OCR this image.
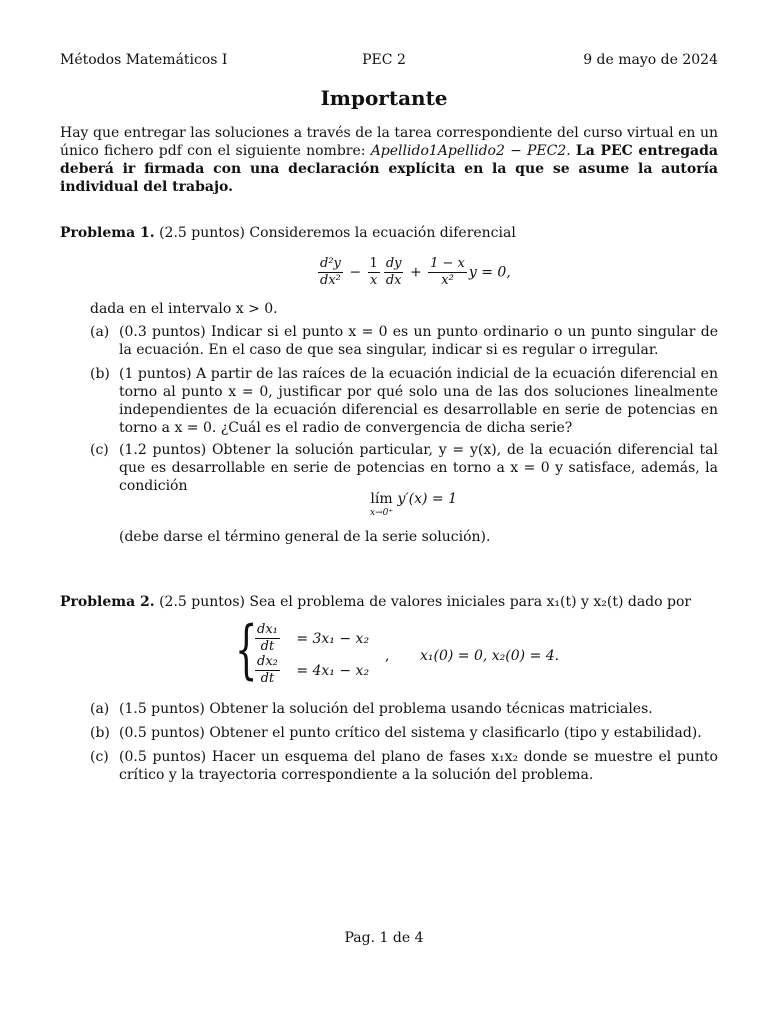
Métodos Matemáticos I	PEC 2	9 de mayo de 2024
Importante
Hay que entregar las soluciones a través de la tarea correspondiente del curso virtual en un único fichero pdf con el siguiente nombre: Apellido1Apellido2 − PEC2. La PEC entregada deberá ir firmada con una declaración explícita en la que se asume la autoría individual del trabajo.
Problema 1. (2.5 puntos) Consideremos la ecuación diferencial
$\frac{\text{d²y}}{\text{dx²}} - \frac{1}{x} \frac{dy}{dx} + \frac{1 - x}{\text{x²}}$ y = 0,
dada en el intervalo x > 0.
(a) (0.3 puntos) Indicar si el punto x = 0 es un punto ordinario o un punto singular de la ecuación. En el caso de que sea singular, indicar si es regular o irregular.
(b) (1 puntos) A partir de las raíces de la ecuación indicial de la ecuación diferencial en torno al punto x = 0, justificar por qué solo una de las dos soluciones linealmente independientes de la ecuación diferencial es desarrollable en serie de potencias en torno a x = 0. ¿Cuál es el radio de convergencia de dicha serie?
(c) (1.2 puntos) Obtener la solución particular, y = y(x), de la ecuación diferencial tal que es desarrollable en serie de potencias en torno a x = 0 y satisface, además, la condición
lím
x→0⁺
y′(x) = 1
(debe darse el término general de la serie solución).
Problema 2. (2.5 puntos) Sea el problema de valores iniciales para x₁(t) y x₂(t) dado por
{
$\frac{\text{dx₁}}{dt} = 3x_1 - x_2$
$\frac{\text{dx₂}}{dt} = 4x_1 - x_2$
, x₁(0) = 0, x₂(0) = 4.
(a) (1.5 puntos) Obtener la solución del problema usando técnicas matriciales.
(b) (0.5 puntos) Obtener el punto crítico del sistema y clasificarlo (tipo y estabilidad).
(c) (0.5 puntos) Hacer un esquema del plano de fases x₁x₂ donde se muestre el punto crítico y la trayectoria correspondiente a la solución del problema.
Pag. 1 de 4
